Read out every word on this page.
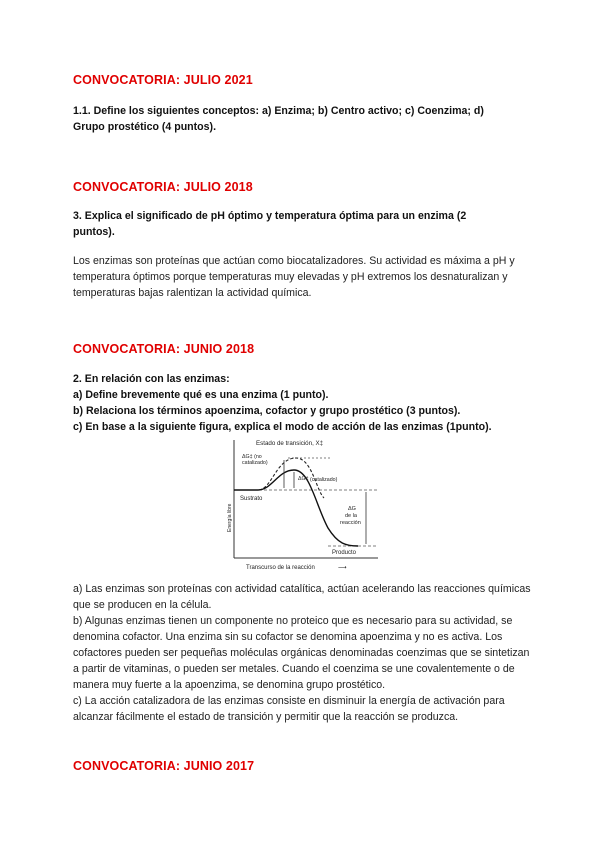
CONVOCATORIA: JULIO 2021
1.1. Define los siguientes conceptos: a) Enzima; b) Centro activo; c) Coenzima; d) Grupo prostético (4 puntos).
CONVOCATORIA: JULIO 2018
3. Explica el significado de pH óptimo y temperatura óptima para un enzima (2 puntos).
Los enzimas son proteínas que actúan como biocatalizadores. Su actividad es máxima a pH y temperatura óptimos porque temperaturas muy elevadas y pH extremos los desnaturalizan y temperaturas bajas ralentizan la actividad química.
CONVOCATORIA: JUNIO 2018
2. En relación con las enzimas:
a) Define brevemente qué es una enzima (1 punto).
b) Relaciona los términos apoenzima, cofactor y grupo prostético (3 puntos).
c) En base a la siguiente figura, explica el modo de acción de las enzimas (1punto).
Estado de transición, X‡
ΔG‡ (no
catalizado)
ΔG‡ (catalizado)
Sustrato
ΔG
de la
reacción
Producto
Energía libre
Transcurso de la reacción	⟶
a) Las enzimas son proteínas con actividad catalítica, actúan acelerando las reacciones químicas que se producen en la célula.
b) Algunas enzimas tienen un componente no proteico que es necesario para su actividad, se denomina cofactor. Una enzima sin su cofactor se denomina apoenzima y no es activa. Los cofactores pueden ser pequeñas moléculas orgánicas denominadas coenzimas que se sintetizan a partir de vitaminas, o pueden ser metales. Cuando el coenzima se une covalentemente o de manera muy fuerte a la apoenzima, se denomina grupo prostético.
c) La acción catalizadora de las enzimas consiste en disminuir la energía de activación para alcanzar fácilmente el estado de transición y permitir que la reacción se produzca.
CONVOCATORIA: JUNIO 2017
